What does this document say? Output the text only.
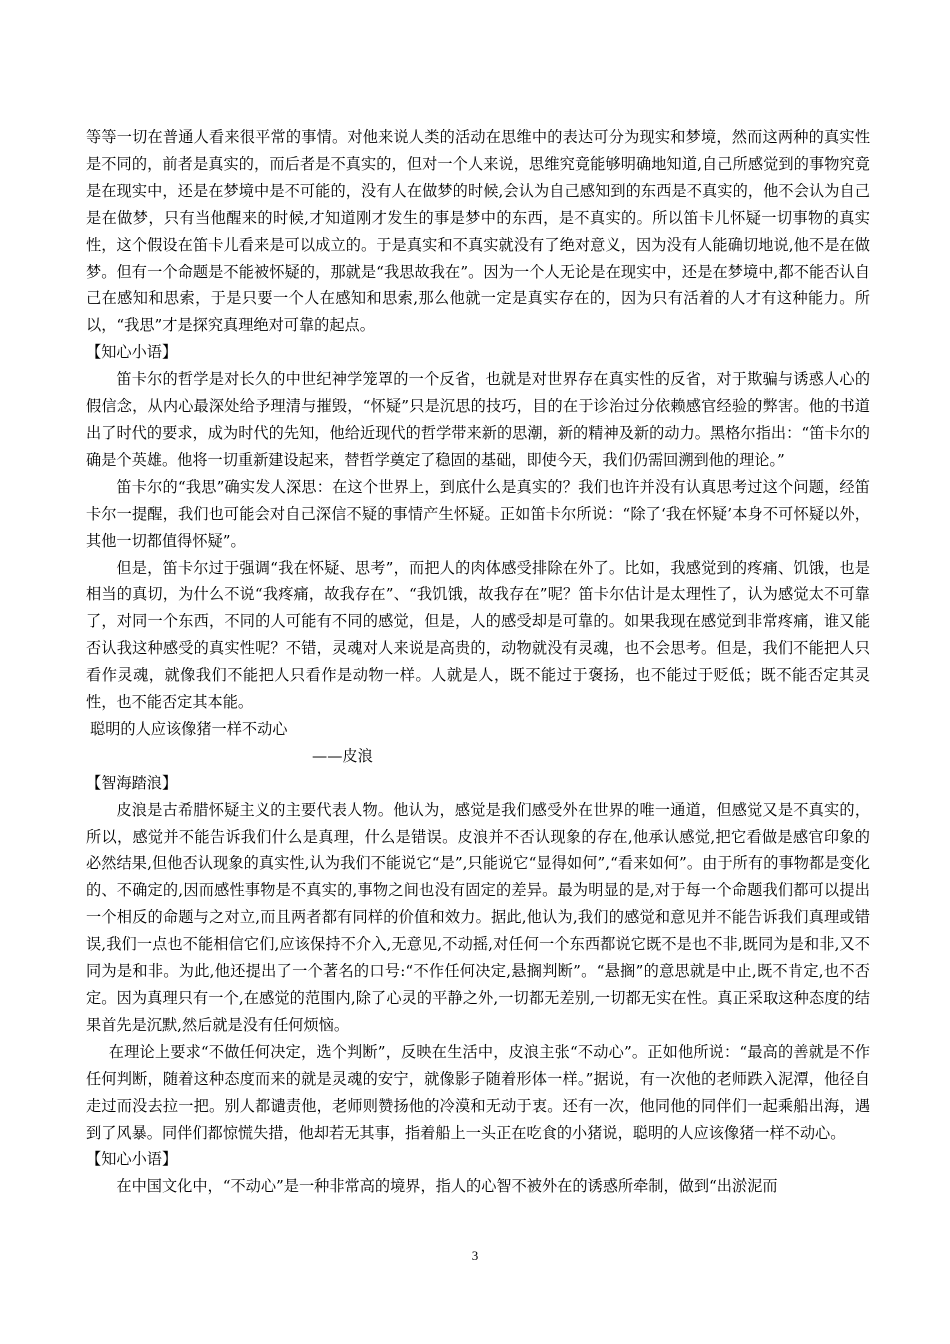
等等一切在普通人看来很平常的事情。对他来说人类的活动在思维中的表达可分为现实和梦境，然而这两种的真实性是不同的，前者是真实的，而后者是不真实的，但对一个人来说，思维究竟能够明确地知道,自己所感觉到的事物究竟是在现实中，还是在梦境中是不可能的，没有人在做梦的时候,会认为自己感知到的东西是不真实的，他不会认为自己是在做梦，只有当他醒来的时候,才知道刚才发生的事是梦中的东西，是不真实的。所以笛卡儿怀疑一切事物的真实性，这个假设在笛卡儿看来是可以成立的。于是真实和不真实就没有了绝对意义，因为没有人能确切地说,他不是在做梦。但有一个命题是不能被怀疑的，那就是“我思故我在”。因为一个人无论是在现实中，还是在梦境中,都不能否认自己在感知和思索，于是只要一个人在感知和思索,那么他就一定是真实存在的，因为只有活着的人才有这种能力。所以，“我思”才是探究真理绝对可靠的起点。

【知心小语】

笛卡尔的哲学是对长久的中世纪神学笼罩的一个反省，也就是对世界存在真实性的反省，对于欺骗与诱惑人心的假信念，从内心最深处给予理清与摧毁，“怀疑”只是沉思的技巧，目的在于诊治过分依赖感官经验的弊害。他的书道出了时代的要求，成为时代的先知，他给近现代的哲学带来新的思潮，新的精神及新的动力。黑格尔指出：“笛卡尔的确是个英雄。他将一切重新建设起来，替哲学奠定了稳固的基础，即使今天，我们仍需回溯到他的理论。”

笛卡尔的“我思”确实发人深思：在这个世界上，到底什么是真实的？我们也许并没有认真思考过这个问题，经笛卡尔一提醒，我们也可能会对自己深信不疑的事情产生怀疑。正如笛卡尔所说：“除了‘我在怀疑’本身不可怀疑以外，其他一切都值得怀疑”。

但是，笛卡尔过于强调“我在怀疑、思考”，而把人的肉体感受排除在外了。比如，我感觉到的疼痛、饥饿，也是相当的真切，为什么不说“我疼痛，故我存在”、“我饥饿，故我存在”呢？笛卡尔估计是太理性了，认为感觉太不可靠了，对同一个东西，不同的人可能有不同的感觉，但是，人的感受却是可靠的。如果我现在感觉到非常疼痛，谁又能否认我这种感受的真实性呢？不错，灵魂对人来说是高贵的，动物就没有灵魂，也不会思考。但是，我们不能把人只看作灵魂，就像我们不能把人只看作是动物一样。人就是人，既不能过于褒扬，也不能过于贬低；既不能否定其灵性，也不能否定其本能。

聪明的人应该像猪一样不动心

——皮浪

【智海踏浪】

皮浪是古希腊怀疑主义的主要代表人物。他认为，感觉是我们感受外在世界的唯一通道，但感觉又是不真实的，所以，感觉并不能告诉我们什么是真理，什么是错误。皮浪并不否认现象的存在,他承认感觉,把它看做是感官印象的必然结果,但他否认现象的真实性,认为我们不能说它“是”,只能说它“显得如何”,“看来如何”。由于所有的事物都是变化的、不确定的,因而感性事物是不真实的,事物之间也没有固定的差异。最为明显的是,对于每一个命题我们都可以提出一个相反的命题与之对立,而且两者都有同样的价值和效力。据此,他认为,我们的感觉和意见并不能告诉我们真理或错误,我们一点也不能相信它们,应该保持不介入,无意见,不动摇,对任何一个东西都说它既不是也不非,既同为是和非,又不同为是和非。为此,他还提出了一个著名的口号:“不作任何决定,悬搁判断”。“悬搁”的意思就是中止,既不肯定,也不否定。因为真理只有一个,在感觉的范围内,除了心灵的平静之外,一切都无差别,一切都无实在性。真正采取这种态度的结果首先是沉默,然后就是没有任何烦恼。

在理论上要求“不做任何决定，选个判断”，反映在生活中，皮浪主张“不动心”。正如他所说：“最高的善就是不作任何判断，随着这种态度而来的就是灵魂的安宁，就像影子随着形体一样。”据说，有一次他的老师跌入泥潭，他径自走过而没去拉一把。别人都谴责他，老师则赞扬他的冷漠和无动于衷。还有一次，他同他的同伴们一起乘船出海，遇到了风暴。同伴们都惊慌失措，他却若无其事，指着船上一头正在吃食的小猪说，聪明的人应该像猪一样不动心。

【知心小语】

在中国文化中，“不动心”是一种非常高的境界，指人的心智不被外在的诱惑所牵制，做到“出淤泥而

3
